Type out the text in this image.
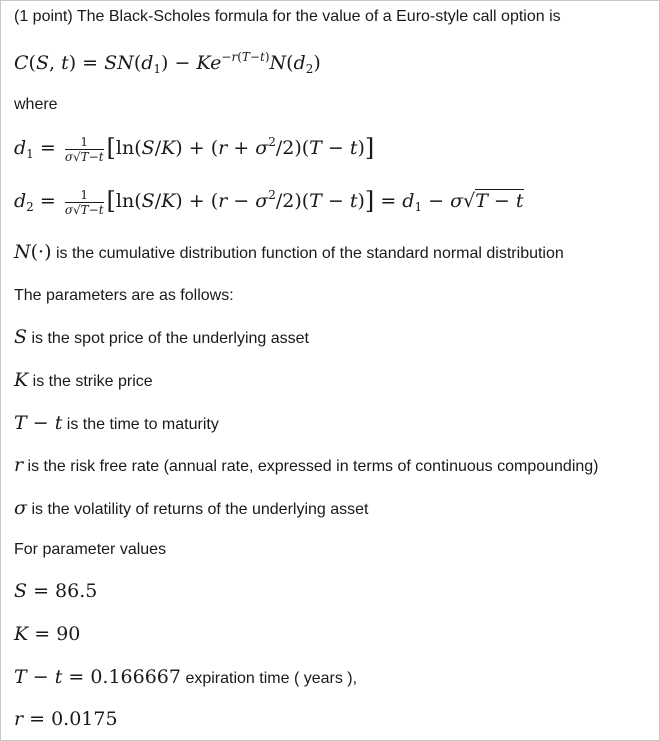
(1 point) The Black-Scholes formula for the value of a Euro-style call option is
C(S, $t) = SN(d_1) - Ke^{-r(T-t)}N(d_2)$
where
$d_1 = \frac{1}{\sigma√T-t} [\ln(S/K) + (r + \sigma^2/2)(T - t)]$
$d_2 = \frac{1}{\sigma√T-t} [\ln(S/K) + (r - \sigma^2/2)(T - t)] = d_1 - \sigma√T - t$
N(·) is the cumulative distribution function of the standard normal distribution
The parameters are as follows:
S is the spot price of the underlying asset
K is the strike price
T − t is the time to maturity
r is the risk free rate (annual rate, expressed in terms of continuous compounding)
σ is the volatility of returns of the underlying asset
For parameter values
S = 86.5
K = 90
T − t = 0.166667 expiration time ( years ),
r = 0.0175
